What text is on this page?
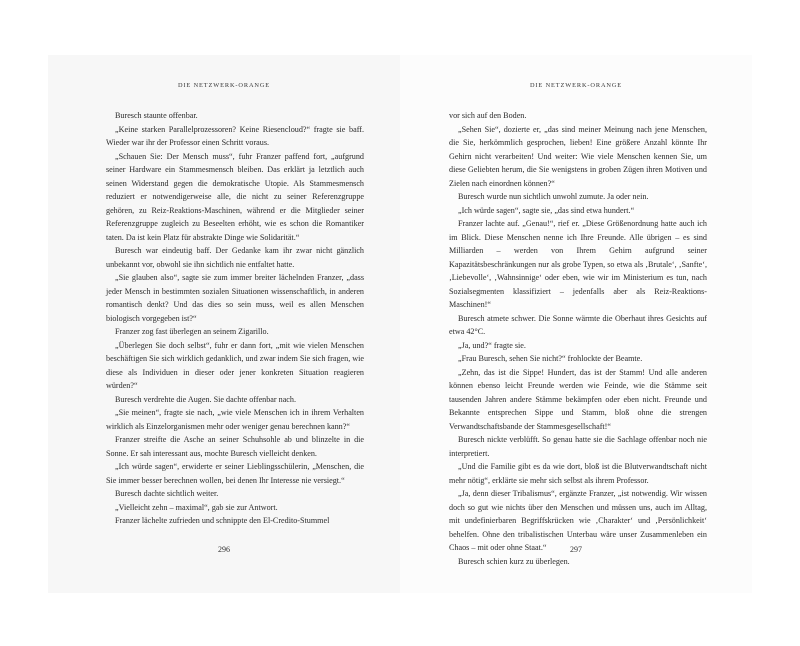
DIE NETZWERK-ORANGE

Buresch staunte offenbar.

„Keine starken Parallelprozessoren? Keine Riesencloud?“ fragte sie baff. Wieder war ihr der Professor einen Schritt voraus.

„Schauen Sie: Der Mensch muss“, fuhr Franzer paffend fort, „aufgrund seiner Hardware ein Stammesmensch bleiben. Das erklärt ja letztlich auch seinen Widerstand gegen die demokratische Utopie. Als Stammesmensch reduziert er notwendigerweise alle, die nicht zu seiner Referenzgruppe gehören, zu Reiz-Reaktions-Maschinen, während er die Mitglieder seiner Referenzgruppe zugleich zu Beseelten erhöht, wie es schon die Romantiker taten. Da ist kein Platz für abstrakte Dinge wie Solidarität.“

Buresch war eindeutig baff. Der Gedanke kam ihr zwar nicht gänzlich unbekannt vor, obwohl sie ihn sichtlich nie entfaltet hatte.

„Sie glauben also“, sagte sie zum immer breiter lächelnden Franzer, „dass jeder Mensch in bestimmten sozialen Situationen wissenschaftlich, in anderen romantisch denkt? Und das dies so sein muss, weil es allen Menschen biologisch vorgegeben ist?“

Franzer zog fast überlegen an seinem Zigarillo.

„Überlegen Sie doch selbst“, fuhr er dann fort, „mit wie vielen Menschen beschäftigen Sie sich wirklich gedanklich, und zwar indem Sie sich fragen, wie diese als Individuen in dieser oder jener konkreten Situation reagieren würden?“

Buresch verdrehte die Augen. Sie dachte offenbar nach.

„Sie meinen“, fragte sie nach, „wie viele Menschen ich in ihrem Verhalten wirklich als Einzelorganismen mehr oder weniger genau berechnen kann?“

Franzer streifte die Asche an seiner Schuhsohle ab und blinzelte in die Sonne. Er sah interessant aus, mochte Buresch vielleicht denken.

„Ich würde sagen“, erwiderte er seiner Lieblingsschülerin, „Menschen, die Sie immer besser berechnen wollen, bei denen Ihr Interesse nie versiegt.“

Buresch dachte sichtlich weiter.

„Vielleicht zehn – maximal“, gab sie zur Antwort.

Franzer lächelte zufrieden und schnippte den El-Credito-Stummel

296
DIE NETZWERK-ORANGE

vor sich auf den Boden.

„Sehen Sie“, dozierte er, „das sind meiner Meinung nach jene Menschen, die Sie, herkömmlich gesprochen, lieben! Eine größere Anzahl könnte Ihr Gehirn nicht verarbeiten! Und weiter: Wie viele Menschen kennen Sie, um diese Geliebten herum, die Sie wenigstens in groben Zügen ihren Motiven und Zielen nach einordnen können?“

Buresch wurde nun sichtlich unwohl zumute. Ja oder nein.

„Ich würde sagen“, sagte sie, „das sind etwa hundert.“

Franzer lachte auf. „Genau!“, rief er. „Diese Größenordnung hatte auch ich im Blick. Diese Menschen nenne ich Ihre Freunde. Alle übrigen – es sind Milliarden – werden von Ihrem Gehirn aufgrund seiner Kapazitätsbeschränkungen nur als grobe Typen, so etwa als ‚Brutale‘, ‚Sanfte‘, ‚Liebevolle‘, ‚Wahnsinnige‘ oder eben, wie wir im Ministerium es tun, nach Sozialsegmenten klassifiziert – jedenfalls aber als Reiz-Reaktions-Maschinen!“

Buresch atmete schwer. Die Sonne wärmte die Oberhaut ihres Gesichts auf etwa 42°C.

„Ja, und?“ fragte sie.

„Frau Buresch, sehen Sie nicht?“ frohlockte der Beamte.

„Zehn, das ist die Sippe! Hundert, das ist der Stamm! Und alle anderen können ebenso leicht Freunde werden wie Feinde, wie die Stämme seit tausenden Jahren andere Stämme bekämpfen oder eben nicht. Freunde und Bekannte entsprechen Sippe und Stamm, bloß ohne die strengen Verwandtschaftsbande der Stammesgesellschaft!“

Buresch nickte verblüfft. So genau hatte sie die Sachlage offenbar noch nie interpretiert.

„Und die Familie gibt es da wie dort, bloß ist die Blutverwandtschaft nicht mehr nötig“, erklärte sie mehr sich selbst als ihrem Professor.

„Ja, denn dieser Tribalismus“, ergänzte Franzer, „ist notwendig. Wir wissen doch so gut wie nichts über den Menschen und müssen uns, auch im Alltag, mit undefinierbaren Begriffskrücken wie ‚Charakter‘ und ‚Persönlichkeit‘ behelfen. Ohne den tribalistischen Unterbau wäre unser Zusammenleben ein Chaos – mit oder ohne Staat.“

Buresch schien kurz zu überlegen.

297
